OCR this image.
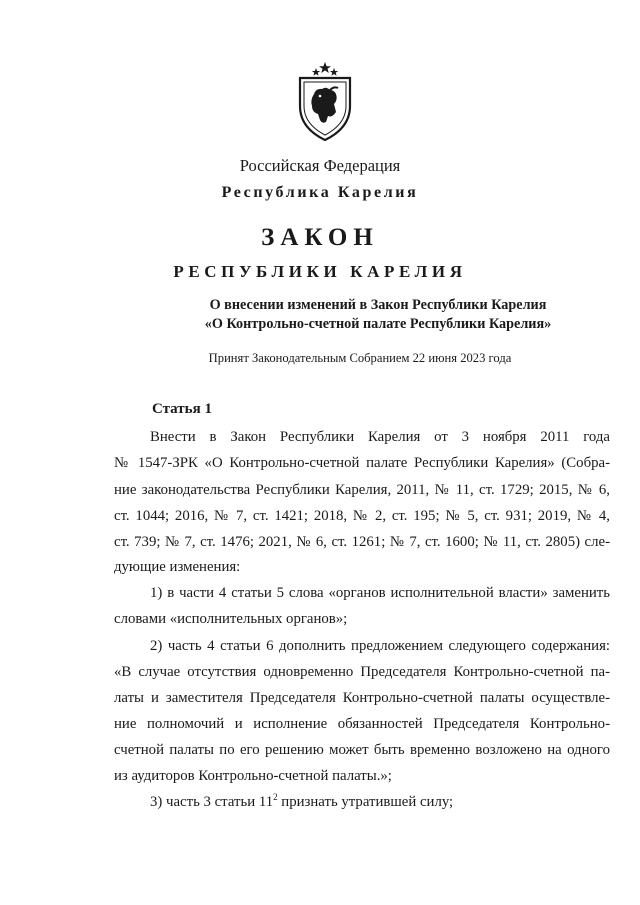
Российская Федерация
Республика Карелия
ЗАКОН
РЕСПУБЛИКИ КАРЕЛИЯ
О внесении изменений в Закон Республики Карелия
«О Контрольно-счетной палате Республики Карелия»
Принят Законодательным Собранием 22 июня 2023 года
Статья 1
Внести в Закон Республики Карелия от 3 ноября 2011 года
№ 1547-ЗРК «О Контрольно-счетной палате Республики Карелия» (Собра-
ние законодательства Республики Карелия, 2011, № 11, ст. 1729; 2015, № 6,
ст. 1044; 2016, № 7, ст. 1421; 2018, № 2, ст. 195; № 5, ст. 931; 2019, № 4,
ст. 739; № 7, ст. 1476; 2021, № 6, ст. 1261; № 7, ст. 1600; № 11, ст. 2805) сле-
дующие изменения:
1) в части 4 статьи 5 слова «органов исполнительной власти» заменить
словами «исполнительных органов»;
2) часть 4 статьи 6 дополнить предложением следующего содержания:
«В случае отсутствия одновременно Председателя Контрольно-счетной па-
латы и заместителя Председателя Контрольно-счетной палаты осуществле-
ние полномочий и исполнение обязанностей Председателя Контрольно-
счетной палаты по его решению может быть временно возложено на одного
из аудиторов Контрольно-счетной палаты.»;
3) часть 3 статьи $11^2$ признать утратившей силу;
